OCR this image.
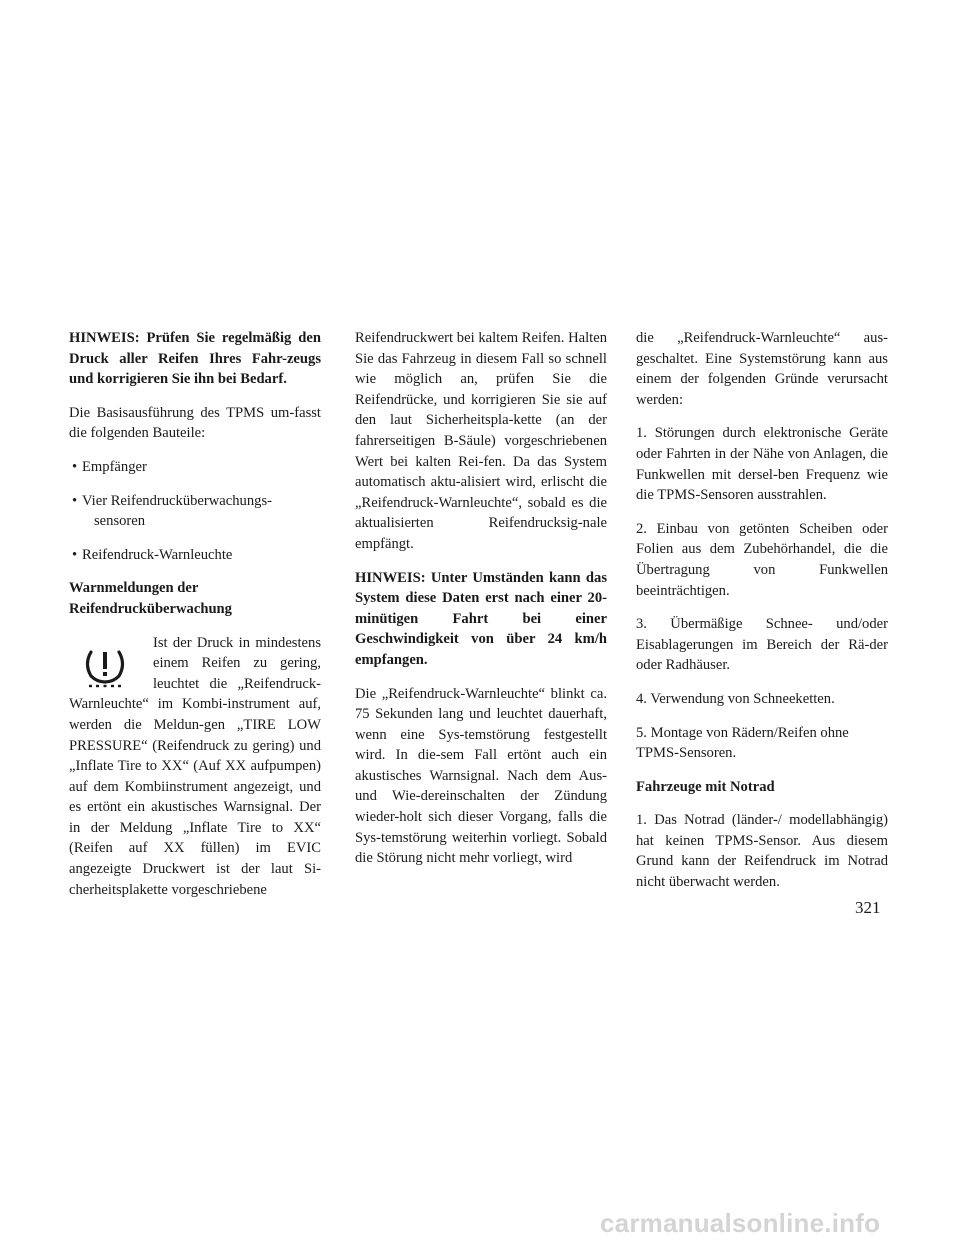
HINWEIS: Prüfen Sie regelmäßig den Druck aller Reifen Ihres Fahr-zeugs und korrigieren Sie ihn bei Bedarf.

Die Basisausführung des TPMS um-fasst die folgenden Bauteile:

• Empfänger
• Vier Reifendrucküberwachungs-
sensoren
• Reifendruck-Warnleuchte

Warnmeldungen der Reifendrucküberwachung

Ist der Druck in mindestens einem Reifen zu gering, leuchtet die „Reifendruck-Warnleuchte“ im Kombi-instrument auf, werden die Meldun-gen „TIRE LOW PRESSURE“ (Reifendruck zu gering) und „Inflate Tire to XX“ (Auf XX aufpumpen) auf dem Kombiinstrument angezeigt, und es ertönt ein akustisches Warnsignal. Der in der Meldung „Inflate Tire to XX“ (Reifen auf XX füllen) im EVIC angezeigte Druckwert ist der laut Si-cherheitsplakette vorgeschriebene

Reifendruckwert bei kaltem Reifen. Halten Sie das Fahrzeug in diesem Fall so schnell wie möglich an, prüfen Sie die Reifendrücke, und korrigieren Sie sie auf den laut Sicherheitspla-kette (an der fahrerseitigen B-Säule) vorgeschriebenen Wert bei kalten Rei-fen. Da das System automatisch aktu-alisiert wird, erlischt die „Reifendruck-Warnleuchte“, sobald es die aktualisierten Reifendrucksig-nale empfängt.

HINWEIS: Unter Umständen kann das System diese Daten erst nach einer 20-minütigen Fahrt bei einer Geschwindigkeit von über 24 km/h empfangen.

Die „Reifendruck-Warnleuchte“ blinkt ca. 75 Sekunden lang und leuchtet dauerhaft, wenn eine Sys-temstörung festgestellt wird. In die-sem Fall ertönt auch ein akustisches Warnsignal. Nach dem Aus- und Wie-dereinschalten der Zündung wieder-holt sich dieser Vorgang, falls die Sys-temstörung weiterhin vorliegt. Sobald die Störung nicht mehr vorliegt, wird

die „Reifendruck-Warnleuchte“ aus-geschaltet. Eine Systemstörung kann aus einem der folgenden Gründe verursacht werden:

1. Störungen durch elektronische Geräte oder Fahrten in der Nähe von Anlagen, die Funkwellen mit dersel-ben Frequenz wie die TPMS-Sensoren ausstrahlen.

2. Einbau von getönten Scheiben oder Folien aus dem Zubehörhandel, die die Übertragung von Funkwellen beeinträchtigen.

3. Übermäßige Schnee- und/oder Eisablagerungen im Bereich der Rä-der oder Radhäuser.

4. Verwendung von Schneeketten.

5. Montage von Rädern/Reifen ohne TPMS-Sensoren.

Fahrzeuge mit Notrad

1. Das Notrad (länder-/ modellabhängig) hat keinen TPMS-Sensor. Aus diesem Grund kann der Reifendruck im Notrad nicht überwacht werden.

321
carmanualsonline.info
